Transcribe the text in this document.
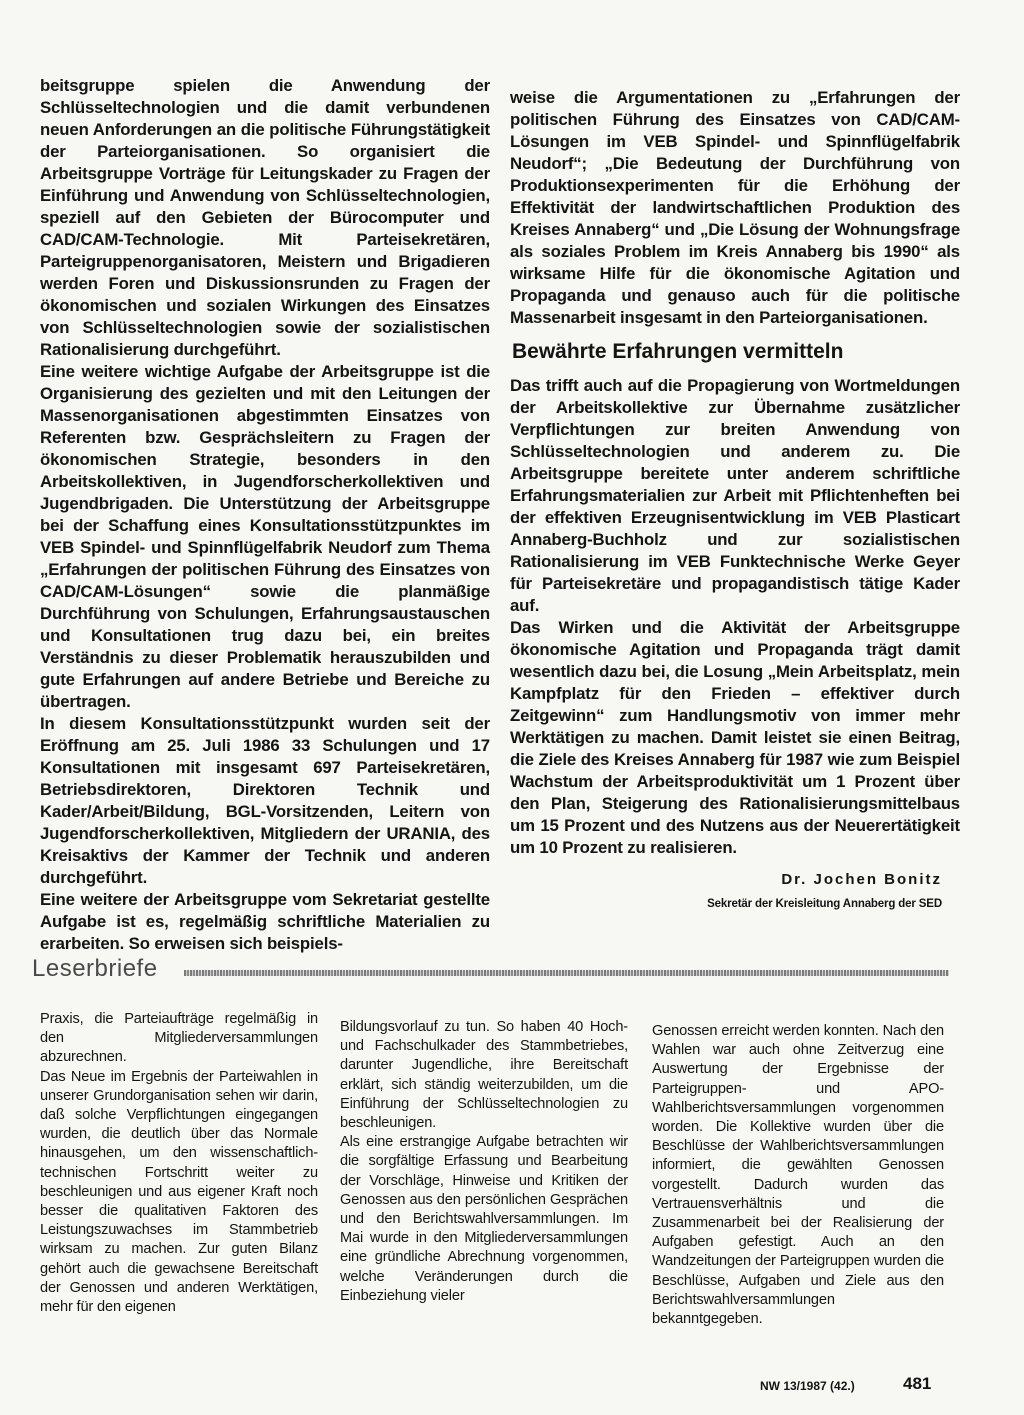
beitsgruppe spielen die Anwendung der Schlüsseltechnologien und die damit verbundenen neuen Anforderungen an die politische Führungstätigkeit der Parteiorganisationen. So organisiert die Arbeitsgruppe Vorträge für Leitungskader zu Fragen der Einführung und Anwendung von Schlüsseltechnologien, speziell auf den Gebieten der Bürocomputer und CAD/CAM-Technologie. Mit Parteisekretären, Parteigruppenorganisatoren, Meistern und Brigadieren werden Foren und Diskussionsrunden zu Fragen der ökonomischen und sozialen Wirkungen des Einsatzes von Schlüsseltechnologien sowie der sozialistischen Rationalisierung durchgeführt.

Eine weitere wichtige Aufgabe der Arbeitsgruppe ist die Organisierung des gezielten und mit den Leitungen der Massenorganisationen abgestimmten Einsatzes von Referenten bzw. Gesprächsleitern zu Fragen der ökonomischen Strategie, besonders in den Arbeitskollektiven, in Jugendforscherkollektiven und Jugendbrigaden. Die Unterstützung der Arbeitsgruppe bei der Schaffung eines Konsultationsstützpunktes im VEB Spindel- und Spinnflügelfabrik Neudorf zum Thema „Erfahrungen der politischen Führung des Einsatzes von CAD/CAM-Lösungen“ sowie die planmäßige Durchführung von Schulungen, Erfahrungsaustauschen und Konsultationen trug dazu bei, ein breites Verständnis zu dieser Problematik herauszubilden und gute Erfahrungen auf andere Betriebe und Bereiche zu übertragen.

In diesem Konsultationsstützpunkt wurden seit der Eröffnung am 25. Juli 1986 33 Schulungen und 17 Konsultationen mit insgesamt 697 Parteisekretären, Betriebsdirektoren, Direktoren Technik und Kader/Arbeit/Bildung, BGL-Vorsitzenden, Leitern von Jugendforscherkollektiven, Mitgliedern der URANIA, des Kreisaktivs der Kammer der Technik und anderen durchgeführt.

Eine weitere der Arbeitsgruppe vom Sekretariat gestellte Aufgabe ist es, regelmäßig schriftliche Materialien zu erarbeiten. So erweisen sich beispiels-

weise die Argumentationen zu „Erfahrungen der politischen Führung des Einsatzes von CAD/CAM-Lösungen im VEB Spindel- und Spinnflügelfabrik Neudorf“; „Die Bedeutung der Durchführung von Produktionsexperimenten für die Erhöhung der Effektivität der landwirtschaftlichen Produktion des Kreises Annaberg“ und „Die Lösung der Wohnungsfrage als soziales Problem im Kreis Annaberg bis 1990“ als wirksame Hilfe für die ökonomische Agitation und Propaganda und genauso auch für die politische Massenarbeit insgesamt in den Parteiorganisationen.

Bewährte Erfahrungen vermitteln

Das trifft auch auf die Propagierung von Wortmeldungen der Arbeitskollektive zur Übernahme zusätzlicher Verpflichtungen zur breiten Anwendung von Schlüsseltechnologien und anderem zu. Die Arbeitsgruppe bereitete unter anderem schriftliche Erfahrungsmaterialien zur Arbeit mit Pflichtenheften bei der effektiven Erzeugnisentwicklung im VEB Plasticart Annaberg-Buchholz und zur sozialistischen Rationalisierung im VEB Funktechnische Werke Geyer für Parteisekretäre und propagandistisch tätige Kader auf.

Das Wirken und die Aktivität der Arbeitsgruppe ökonomische Agitation und Propaganda trägt damit wesentlich dazu bei, die Losung „Mein Arbeitsplatz, mein Kampfplatz für den Frieden – effektiver durch Zeitgewinn“ zum Handlungsmotiv von immer mehr Werktätigen zu machen. Damit leistet sie einen Beitrag, die Ziele des Kreises Annaberg für 1987 wie zum Beispiel Wachstum der Arbeitsproduktivität um 1 Prozent über den Plan, Steigerung des Rationalisierungsmittelbaus um 15 Prozent und des Nutzens aus der Neuerertätigkeit um 10 Prozent zu realisieren.

Dr. Jochen Bonitz
Sekretär der Kreisleitung Annaberg der SED
Leserbriefe

Praxis, die Parteiaufträge regelmäßig in den Mitgliederversammlungen abzurechnen.

Das Neue im Ergebnis der Parteiwahlen in unserer Grundorganisation sehen wir darin, daß solche Verpflichtungen eingegangen wurden, die deutlich über das Normale hinausgehen, um den wissenschaftlich-technischen Fortschritt weiter zu beschleunigen und aus eigener Kraft noch besser die qualitativen Faktoren des Leistungszuwachses im Stammbetrieb wirksam zu machen. Zur guten Bilanz gehört auch die gewachsene Bereitschaft der Genossen und anderen Werktätigen, mehr für den eigenen

Bildungsvorlauf zu tun. So haben 40 Hoch- und Fachschulkader des Stammbetriebes, darunter Jugendliche, ihre Bereitschaft erklärt, sich ständig weiterzubilden, um die Einführung der Schlüsseltechnologien zu beschleunigen.

Als eine erstrangige Aufgabe betrachten wir die sorgfältige Erfassung und Bearbeitung der Vorschläge, Hinweise und Kritiken der Genossen aus den persönlichen Gesprächen und den Berichtswahlversammlungen. Im Mai wurde in den Mitgliederversammlungen eine gründliche Abrechnung vorgenommen, welche Veränderungen durch die Einbeziehung vieler

Genossen erreicht werden konnten. Nach den Wahlen war auch ohne Zeitverzug eine Auswertung der Ergebnisse der Parteigruppen- und APO-Wahlberichtsversammlungen vorgenommen worden. Die Kollektive wurden über die Beschlüsse der Wahlberichtsversammlungen informiert, die gewählten Genossen vorgestellt. Dadurch wurden das Vertrauensverhältnis und die Zusammenarbeit bei der Realisierung der Aufgaben gefestigt. Auch an den Wandzeitungen der Parteigruppen wurden die Beschlüsse, Aufgaben und Ziele aus den Berichtswahlversammlungen bekanntgegeben.

NW 13/1987 (42.)	481
